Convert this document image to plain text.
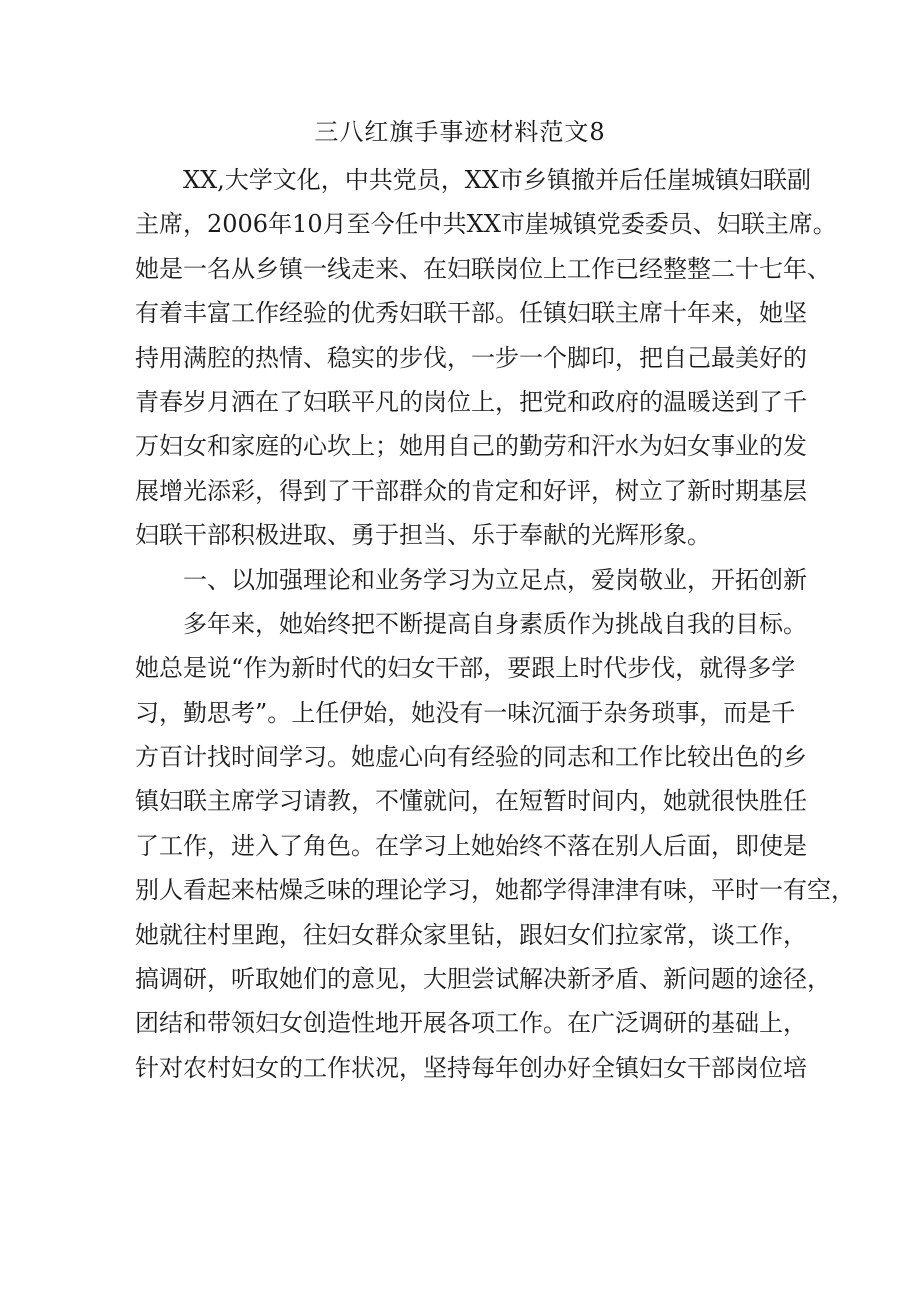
三八红旗手事迹材料范文8
XX,大学文化，中共党员，XX市乡镇撤并后任崖城镇妇联副
主席，2006年10月至今任中共XX市崖城镇党委委员、妇联主席。
她是一名从乡镇一线走来、在妇联岗位上工作已经整整二十七年、
有着丰富工作经验的优秀妇联干部。任镇妇联主席十年来，她坚
持用满腔的热情、稳实的步伐，一步一个脚印，把自己最美好的
青春岁月洒在了妇联平凡的岗位上，把党和政府的温暖送到了千
万妇女和家庭的心坎上；她用自己的勤劳和汗水为妇女事业的发
展增光添彩，得到了干部群众的肯定和好评，树立了新时期基层
妇联干部积极进取、勇于担当、乐于奉献的光辉形象。
一、以加强理论和业务学习为立足点，爱岗敬业，开拓创新
多年来，她始终把不断提高自身素质作为挑战自我的目标。
她总是说“作为新时代的妇女干部，要跟上时代步伐，就得多学
习，勤思考”。上任伊始，她没有一味沉湎于杂务琐事，而是千
方百计找时间学习。她虚心向有经验的同志和工作比较出色的乡
镇妇联主席学习请教，不懂就问，在短暂时间内，她就很快胜任
了工作，进入了角色。在学习上她始终不落在别人后面，即使是
别人看起来枯燥乏味的理论学习，她都学得津津有味，平时一有空，
她就往村里跑，往妇女群众家里钻，跟妇女们拉家常，谈工作，
搞调研，听取她们的意见，大胆尝试解决新矛盾、新问题的途径，
团结和带领妇女创造性地开展各项工作。在广泛调研的基础上，
针对农村妇女的工作状况，坚持每年创办好全镇妇女干部岗位培
